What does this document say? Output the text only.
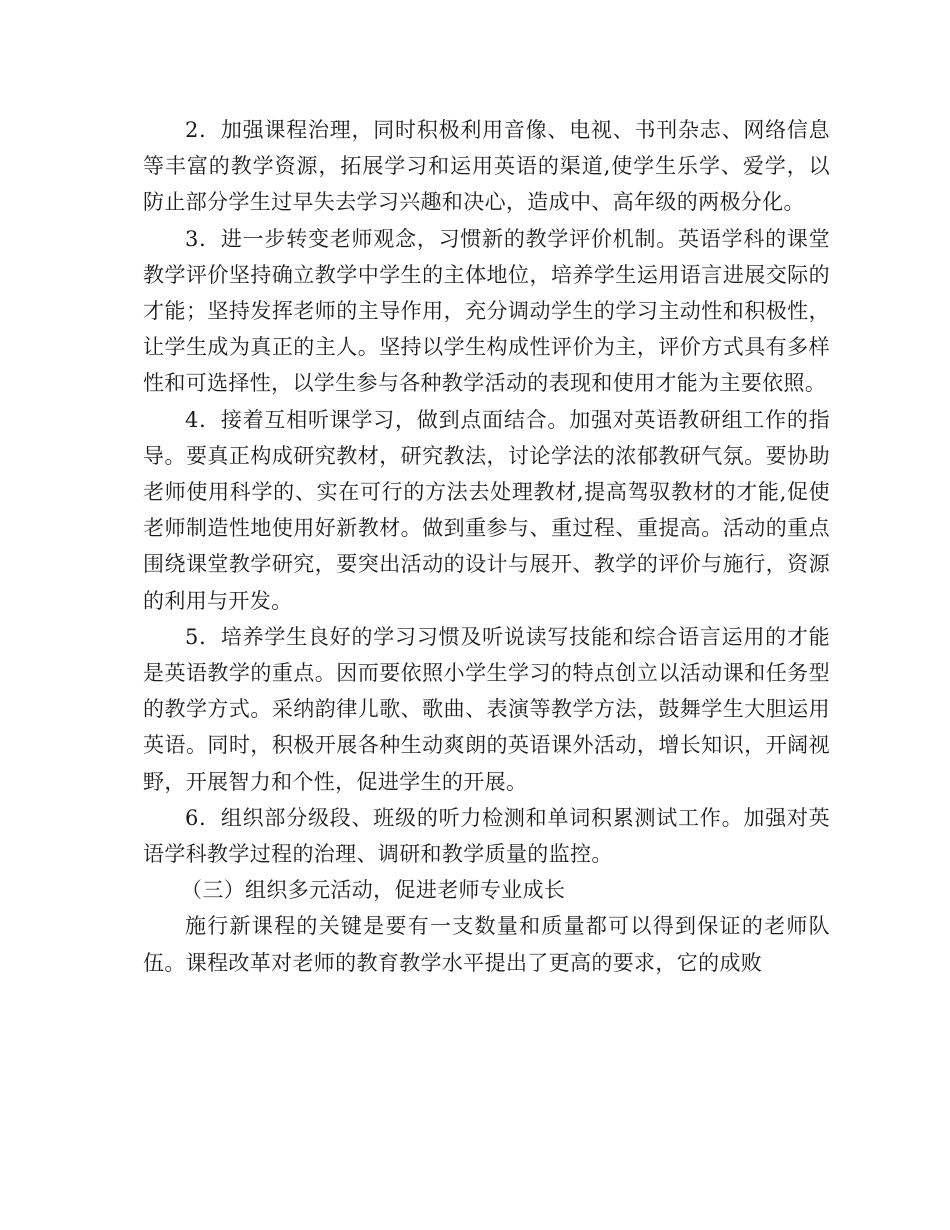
2．加强课程治理，同时积极利用音像、电视、书刊杂志、网络信息等丰富的教学资源，拓展学习和运用英语的渠道,使学生乐学、爱学，以防止部分学生过早失去学习兴趣和决心，造成中、高年级的两极分化。

3．进一步转变老师观念，习惯新的教学评价机制。英语学科的课堂教学评价坚持确立教学中学生的主体地位，培养学生运用语言进展交际的才能；坚持发挥老师的主导作用，充分调动学生的学习主动性和积极性，让学生成为真正的主人。坚持以学生构成性评价为主，评价方式具有多样性和可选择性，以学生参与各种教学活动的表现和使用才能为主要依照。

4．接着互相听课学习，做到点面结合。加强对英语教研组工作的指导。要真正构成研究教材，研究教法，讨论学法的浓郁教研气氛。要协助老师使用科学的、实在可行的方法去处理教材,提高驾驭教材的才能,促使老师制造性地使用好新教材。做到重参与、重过程、重提高。活动的重点围绕课堂教学研究，要突出活动的设计与展开、教学的评价与施行，资源的利用与开发。

5．培养学生良好的学习习惯及听说读写技能和综合语言运用的才能是英语教学的重点。因而要依照小学生学习的特点创立以活动课和任务型的教学方式。采纳韵律儿歌、歌曲、表演等教学方法，鼓舞学生大胆运用英语。同时，积极开展各种生动爽朗的英语课外活动，增长知识，开阔视野，开展智力和个性，促进学生的开展。

6．组织部分级段、班级的听力检测和单词积累测试工作。加强对英语学科教学过程的治理、调研和教学质量的监控。

（三）组织多元活动，促进老师专业成长

施行新课程的关键是要有一支数量和质量都可以得到保证的老师队伍。课程改革对老师的教育教学水平提出了更高的要求，它的成败
